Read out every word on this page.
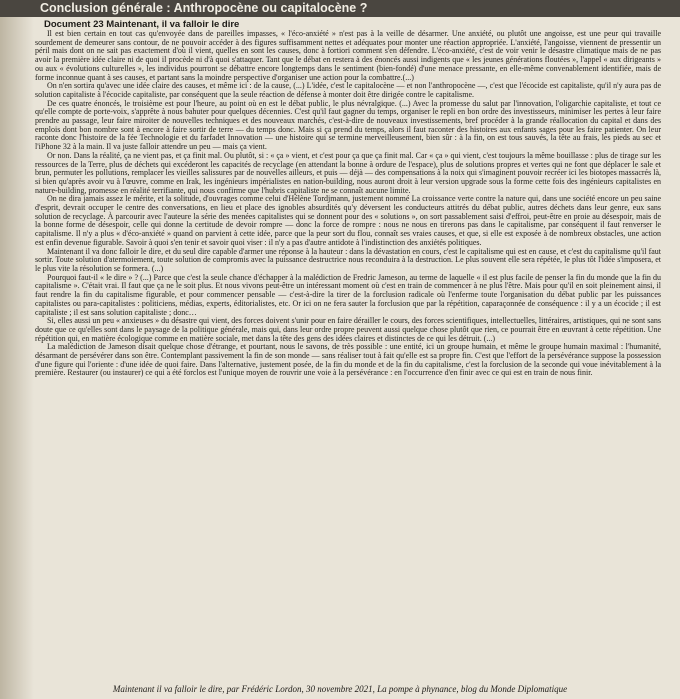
Conclusion générale : Anthropocène ou capitalocène ?
Document 23 Maintenant, il va falloir le dire

Il est bien certain en tout cas qu'envoyée dans de pareilles impasses, « l'éco-anxiété » n'est pas à la veille de désarmer. Une anxiété, ou plutôt une angoisse, est une peur qui travaille sourdement de demeurer sans contour, de ne pouvoir accéder à des figures suffisamment nettes et adéquates pour monter une réaction appropriée. L'anxiété, l'angoisse, viennent de pressentir un péril mais dont on ne sait pas exactement d'où il vient, quelles en sont les causes, donc à fortiori comment s'en défendre. L'éco-anxiété, c'est de voir venir le désastre climatique mais de ne pas avoir la première idée claire ni de quoi il procède ni d'à quoi s'attaquer. Tant que le débat en restera à des énoncés aussi indigents que « les jeunes générations floutées », l'appel « aux dirigeants » ou aux « évolutions culturelles », les individus pourront se débattre encore longtemps dans le sentiment (bien-fondé) d'une menace pressante, en elle-même convenablement identifiée, mais de forme inconnue quant à ses causes, et partant sans la moindre perspective d'organiser une action pour la combattre.(...)

On n'en sortira qu'avec une idée claire des causes, et même ici : de la cause, (...) L'idée, c'est le capitalocène — et non l'anthropocène —, c'est que l'écocide est capitaliste, qu'il n'y aura pas de solution capitaliste à l'écocide capitaliste, par conséquent que la seule réaction de défense à monter doit être dirigée contre le capitalisme.

De ces quatre énoncés, le troisième est pour l'heure, au point où en est le débat public, le plus névralgique. (...) Avec la promesse du salut par l'innovation, l'oligarchie capitaliste, et tout ce qu'elle compte de porte-voix, s'apprête à nous bahuter pour quelques décennies. C'est qu'il faut gagner du temps, organiser le repli en bon ordre des investisseurs, minimiser les pertes à leur faire prendre au passage, leur faire miroiter de nouvelles techniques et des nouveaux marchés, c'est-à-dire de nouveaux investissements, bref procéder à la grande réallocation du capital et dans des emplois dont bon nombre sont à encore à faire sortir de terre — du temps donc. Mais si ça prend du temps, alors il faut raconter des histoires aux enfants sages pour les faire patienter. On leur raconte donc l'histoire de la fée Technologie et du farfadet Innovation — une histoire qui se termine merveilleusement, bien sûr : à la fin, on est tous sauvés, la tête au frais, les pieds au sec et l'iPhone 32 à la main. Il va juste falloir attendre un peu — mais ça vient.

Or non. Dans la réalité, ça ne vient pas, et ça finit mal. Ou plutôt, si : « ça » vient, et c'est pour ça que ça finit mal. Car « ça » qui vient, c'est toujours la même bouillasse : plus de tirage sur les ressources de la Terre, plus de déchets qui excéderont les capacités de recyclage (en attendant la bonne à ordure de l'espace), plus de solutions propres et vertes qui ne font que déplacer le sale et brun, permuter les pollutions, remplacer les vieilles salissures par de nouvelles ailleurs, et puis — déjà — des compensations à la noix qui s'imaginent pouvoir recréer ici les biotopes massacrés là, si bien qu'après avoir vu à l'œuvre, comme en Irak, les ingénieurs impérialistes en nation-building, nous auront droit à leur version upgrade sous la forme cette fois des ingénieurs capitalistes en nature-building, promesse en réalité terrifiante, qui nous confirme que l'hubris capitaliste ne se connaît aucune limite.

On ne dira jamais assez le mérite, et la solitude, d'ouvrages comme celui d'Hélène Tordjmann, justement nommé La croissance verte contre la nature qui, dans une société encore un peu saine d'esprit, devrait occuper le centre des conversations, en lieu et place des ignobles absurdités qu'y déversent les conducteurs attitrés du débat public, autres déchets dans leur genre, eux sans solution de recyclage. À parcourir avec l'auteure la série des menées capitalistes qui se donnent pour des « solutions », on sort passablement saisi d'effroi, peut-être en proie au désespoir, mais de la bonne forme de désespoir, celle qui donne la certitude de devoir rompre — donc la force de rompre : nous ne nous en tirerons pas dans le capitalisme, par conséquent il faut renverser le capitalisme. Il n'y a plus « d'éco-anxiété » quand on parvient à cette idée, parce que la peur sort du flou, connaît ses vraies causes, et que, si elle est exposée à de nombreux obstacles, une action est enfin devenue figurable. Savoir à quoi s'en tenir et savoir quoi viser : il n'y a pas d'autre antidote à l'indistinction des anxiétés politiques.

Maintenant il va donc falloir le dire, et du seul dire capable d'armer une réponse à la hauteur : dans la dévastation en cours, c'est le capitalisme qui est en cause, et c'est du capitalisme qu'il faut sortir. Toute solution d'atermoiement, toute solution de compromis avec la puissance destructrice nous reconduira à la destruction. Le plus souvent elle sera répétée, le plus tôt l'idée s'imposera, et le plus vite la résolution se formera. (...)

Pourquoi faut-il « le dire » ? (...) Parce que c'est la seule chance d'échapper à la malédiction de Fredric Jameson, au terme de laquelle « il est plus facile de penser la fin du monde que la fin du capitalisme ». C'était vrai. Il faut que ça ne le soit plus. Et nous vivons peut-être un intéressant moment où c'est en train de commencer à ne plus l'être. Mais pour qu'il en soit pleinement ainsi, il faut rendre la fin du capitalisme figurable, et pour commencer pensable — c'est-à-dire la tirer de la forclusion radicale où l'enferme toute l'organisation du débat public par les puissances capitalistes ou para-capitalistes : politiciens, médias, experts, éditorialistes, etc. Or ici on ne fera sauter la forclusion que par la répétition, caparaçonnée de conséquence : il y a un écocide ; il est capitaliste ; il est sans solution capitaliste ; donc…

Si, elles aussi un peu « anxieuses » du désastre qui vient, des forces doivent s'unir pour en faire dérailler le cours, des forces scientifiques, intellectuelles, littéraires, artistiques, qui ne sont sans doute que ce qu'elles sont dans le paysage de la politique générale, mais qui, dans leur ordre propre peuvent aussi quelque chose plutôt que rien, ce pourrait être en œuvrant à cette répétition. Une répétition qui, en matière écologique comme en matière sociale, met dans la tête des gens des idées claires et distinctes de ce qui les détruit. (...)

La malédiction de Jameson disait quelque chose d'étrange, et pourtant, nous le savons, de très possible : une entité, ici un groupe humain, et même le groupe humain maximal : l'humanité, désarmant de persévérer dans son être. Contemplant passivement la fin de son monde — sans réaliser tout à fait qu'elle est sa propre fin. C'est que l'effort de la persévérance suppose la possession d'une figure qui l'oriente : d'une idée de quoi faire. Dans l'alternative, justement posée, de la fin du monde et de la fin du capitalisme, c'est la forclusion de la seconde qui voue inévitablement à la première. Restaurer (ou instaurer) ce qui a été forclos est l'unique moyen de rouvrir une voie à la persévérance : en l'occurrence d'en finir avec ce qui est en train de nous finir.

Maintenant il va falloir le dire, par Frédéric Lordon, 30 novembre 2021, La pompe à phynance, blog du Monde Diplomatique
